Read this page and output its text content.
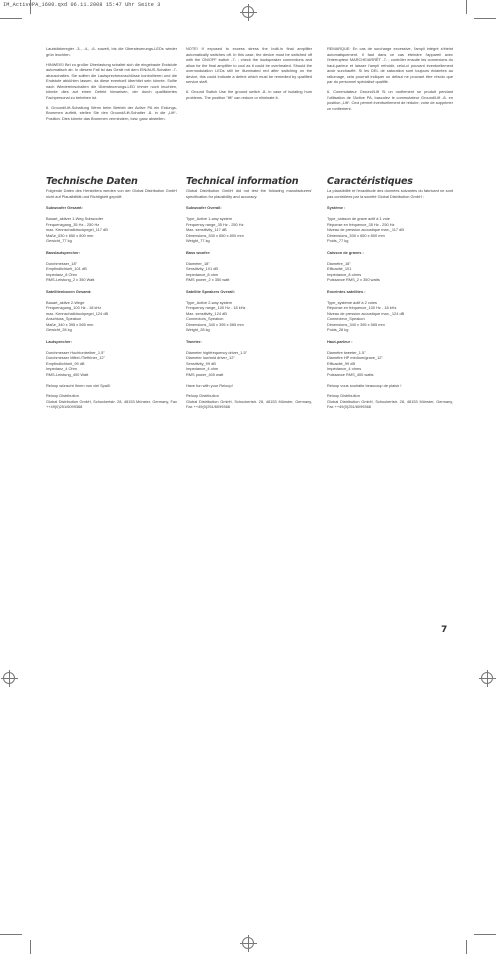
IM_ActivePA_1600.qxd 06.11.2008 15:47 Uhr Seite 3

Lautstärkeregler -3-, -4-, -6- soweit, bis die Übersteuerungs-LEDs wieder grün leuchten.

HINWEIS! Bei zu großer Überlastung schaltet sich die eingebaute Endstufe automatisch ab. In diesem Fall ist das Gerät mit dem EIN/AUS-Schalter -7- abzuschalten. Sie sollten die Lautsprecheranschlüsse kontrollieren und die Endstufe abkühlen lassen, da diese eventuell überhitzt sein könnte. Sollte nach Wiedereinschalten die Übersteuerungs-LED immer noch leuchten, könnte dies auf einen Defekt hinweisen, der durch qualifiziertes Fachpersonal zu beheben ist.

6. Ground/Lift-Schaltung Wenn beim Betrieb der Active PA ein Erdungs-Brummen auftritt, stellen Sie den Ground/Lift-Schalter -8- in die „Lift“-Position. Dies könnte das Brummen vermindern, bzw. ganz abstellen.

Technische Daten

Folgende Daten des Herstellers werden von der Global Distribution GmbH nicht auf Plausibilität und Richtigkeit geprüft:

Subwoofer Gesamt:

Bauart_aktiver 1-Weg Subwoofer
Frequenzgang_35 Hz - 250 Hz
max. Kennschalldruckpegel_117 dB
Maße_530 x 650 x 800 mm
Gewicht_77 kg
Basslautsprecher:

Durchmesser_18"
Empfindlichkeit_101 dB
Impedanz_8 Ohm
RMS-Leistung_2 x 350 Watt
Satellitenboxen Gesamt:

Bauart_aktive 2-Wege
Frequenzgang_100 Hz - 18 kHz
max. Kennschalldruckpegel_124 dB
Anschluss_Speakon
Maße_340 x 395 x 565 mm
Gewicht_28 kg
Lautsprecher:

Durchmesser Hochtontreiber_1.5"
Durchmesser Mittel-/Tieftöner_12"
Empfindlichkeit_99 dB
Impedanz_4 Ohm
RMS-Leistung_400 Watt

Reloop wünscht Ihnen nun viel Spaß!

Reloop Distribution

Global Distribution GmbH, Schuckertstr. 28, 48153 Münster, Germany, Fax ++49(0)251/6099368

NOTE! If exposed to excess stress the built-in final amplifier automatically switches off. In this case, the device must be switched off with the ON/OFF switch -7- ; check the loudspeaker connections and allow for the final amplifier to cool as it could be overheated. Should the overmodulation LEDs still be illuminated red after switching on the device, this could indicate a defect which must be remedied by qualified service staff.

6. Ground Switch Use the ground switch -8- in case of isolating hum problems. The position "lift" can reduce or eliminate it.

Technical information

Global Distribution GmbH did not test the following manufacturers' specification for plausibility and accuracy:

Subwoofer Overall:

Type_Active 1-way system
Frequency range_35 Hz - 250 Hz
Max. sensitivity_117 dB
Dimensions_530 x 650 x 800 mm
Weight_77 kg
Bass woofer:

Diameter_18"
Sensitivity_101 dB
Impedance_8 ohm
RMS power_2 x 350 watt
Satellite Speakers Overall:

Type_Active 2-way system
Frequency range_100 Hz - 18 kHz
Max. sensitivity_124 dB
Connectors_Speakon
Dimensions_340 x 395 x 565 mm
Weight_28 kg
Tweeter:

Diameter highfrequency driver_1.5"
Diameter low/mid driver_12"
Sensitivity_99 dB
Impedance_4 ohm
RMS power_400 watt

Have fun with your Reloop!

Reloop Distribution

Global Distribution GmbH, Schuckertstr. 28, 48153 Münster, Germany, Fax ++49(0)251/6099368

REMARQUE: En cas de surcharge excessive, l'ampli intégré s'éteint automatiquement. Il faut dans ce cas éteindre l'appareil avec l'interrupteur MARCHE/ARRÊT -7- ; contrôler ensuite les connexions du haut-parleur et laisser l'ampli refroidir, celui-ci pouvant éventuellement avoir surchauffé. Si les DEL de saturation sont toujours éclairées au rallumage, cela pourrait indiquer un défaut ne pouvant être résolu que par du personnel spécialisé qualifié.

6. Commutateur Ground/Lift Si un ronflement se produit pendant l'utilisation de l'Active PA, basculez le commutateur Ground/Lift -8- en position „Lift“. Ceci permet éventuellement de réduire, voire de supprimer ce ronflement.

Caractéristiques

La plausibilité et l'exactitude des données suivantes du fabricant ne sont pas contrôlées par la société Global Distribution GmbH :

Système :

Type_caisson de grave actif à 1 voie
Réponse en fréquence_35 Hz - 250 Hz
Niveau de pression acoustique max._117 dB
Dimensions_530 x 650 x 800 mm
Poids_77 kg
Caisson de graves :

Diamètre_18"
Efficacité_101
Impédance_8 ohms
Puissance RMS_2 x 350 watts
Enceintes satellites :

Type_système actif à 2 voies
Réponse en fréquence_100 Hz - 18 kHz
Niveau de pression acoustique max._124 dB
Connecteur_Speakon
Dimensions_340 x 395 x 565 mm
Poids_28 kg
Haut-parleur :

Diamètre tweeter_1.5"
Diamètre HP médium/grave_12"
Efficacité_99 dB
Impédance_4 ohms
Puissance RMS_400 watts

Reloop vous souhaite beaucoup de plaisir !

Reloop Distribution

Global Distribution GmbH, Schuckertstr. 28, 48153 Münster, Germany, Fax ++49(0)251/6099368

7
